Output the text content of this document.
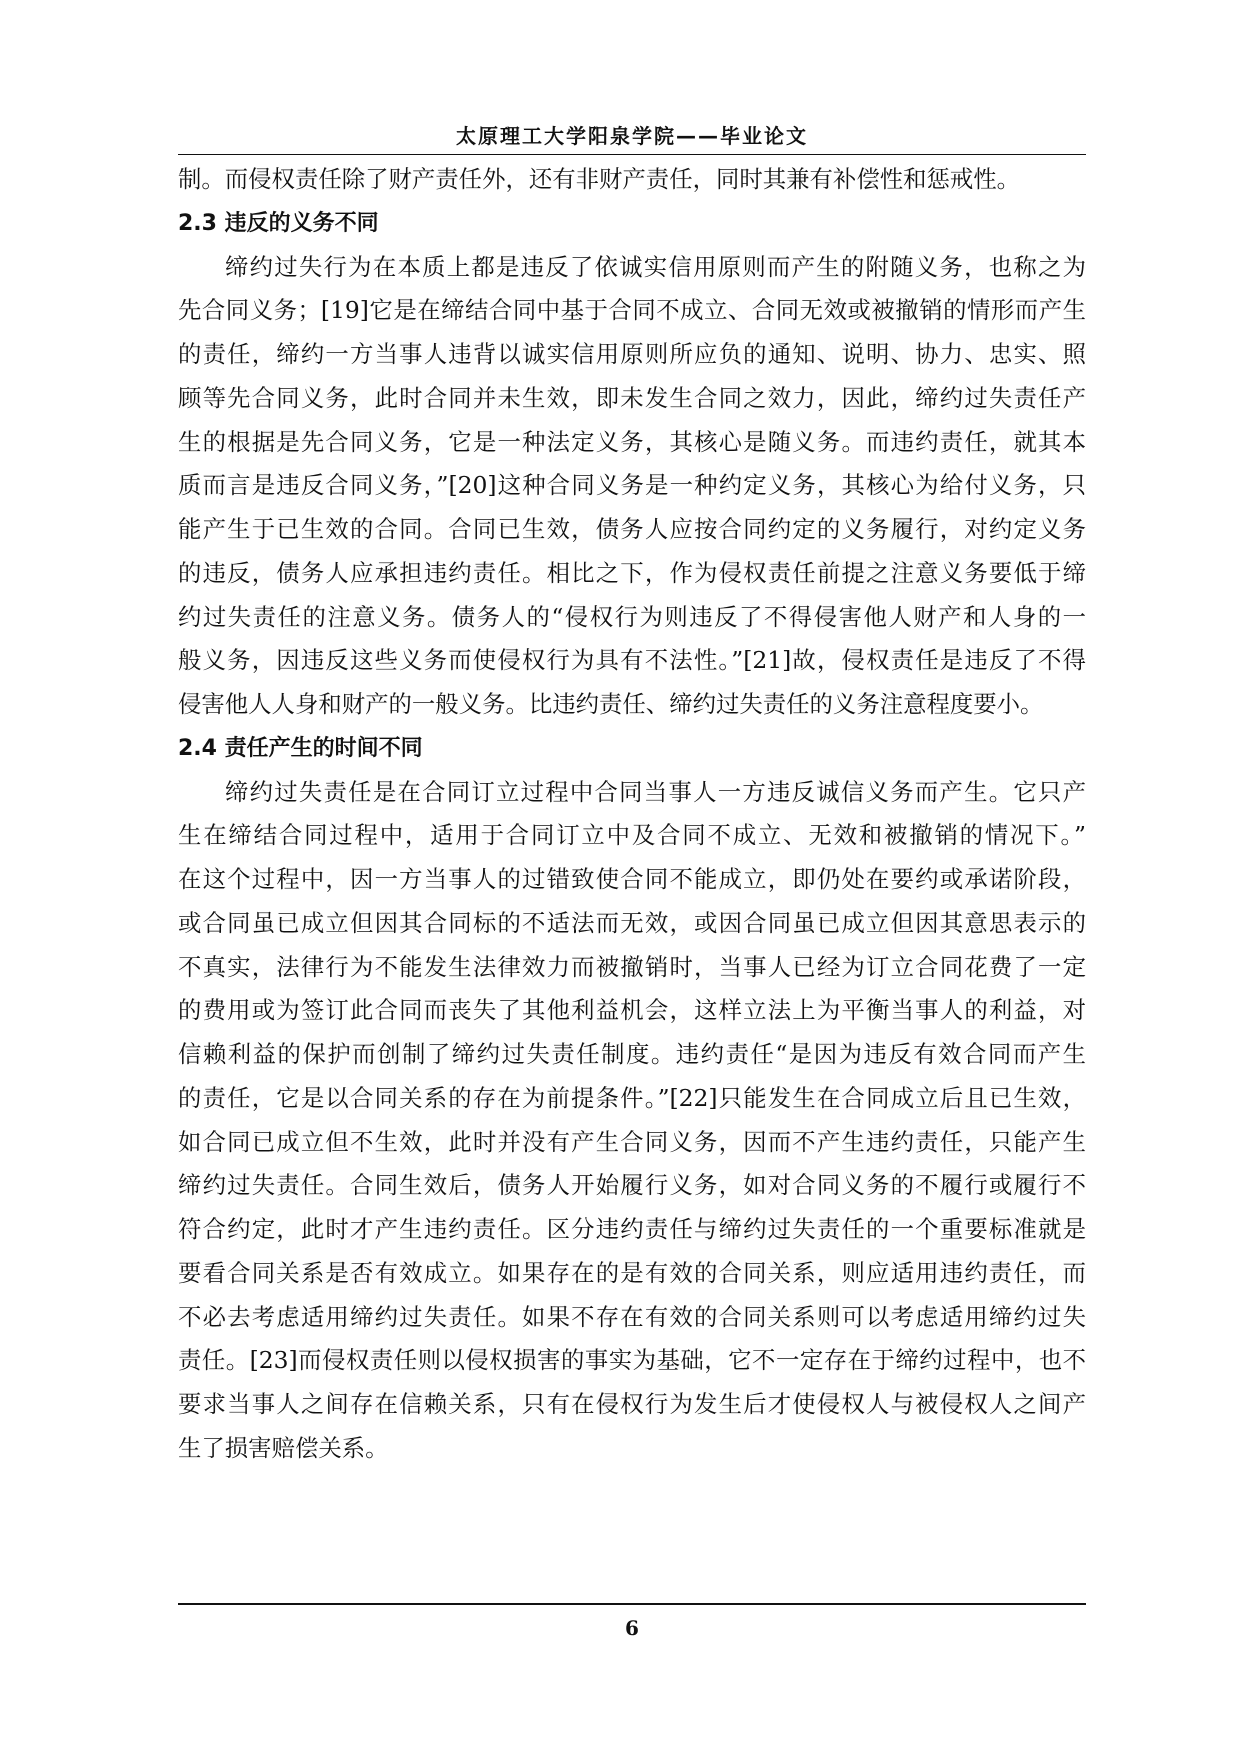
太原理工大学阳泉学院——毕业论文
制。而侵权责任除了财产责任外，还有非财产责任，同时其兼有补偿性和惩戒性。
2.3 违反的义务不同
缔约过失行为在本质上都是违反了依诚实信用原则而产生的附随义务，也称之为
先合同义务；[19]它是在缔结合同中基于合同不成立、合同无效或被撤销的情形而产生
的责任，缔约一方当事人违背以诚实信用原则所应负的通知、说明、协力、忠实、照
顾等先合同义务，此时合同并未生效，即未发生合同之效力，因此，缔约过失责任产
生的根据是先合同义务，它是一种法定义务，其核心是随义务。而违约责任，就其本
质而言是违反合同义务，”[20]这种合同义务是一种约定义务，其核心为给付义务，只
能产生于已生效的合同。合同已生效，债务人应按合同约定的义务履行，对约定义务
的违反，债务人应承担违约责任。相比之下，作为侵权责任前提之注意义务要低于缔
约过失责任的注意义务。债务人的“侵权行为则违反了不得侵害他人财产和人身的一
般义务，因违反这些义务而使侵权行为具有不法性。”[21]故，侵权责任是违反了不得
侵害他人人身和财产的一般义务。比违约责任、缔约过失责任的义务注意程度要小。
2.4 责任产生的时间不同
缔约过失责任是在合同订立过程中合同当事人一方违反诚信义务而产生。它只产
生在缔结合同过程中，适用于合同订立中及合同不成立、无效和被撤销的情况下。”
在这个过程中，因一方当事人的过错致使合同不能成立，即仍处在要约或承诺阶段，
或合同虽已成立但因其合同标的不适法而无效，或因合同虽已成立但因其意思表示的
不真实，法律行为不能发生法律效力而被撤销时，当事人已经为订立合同花费了一定
的费用或为签订此合同而丧失了其他利益机会，这样立法上为平衡当事人的利益，对
信赖利益的保护而创制了缔约过失责任制度。违约责任“是因为违反有效合同而产生
的责任，它是以合同关系的存在为前提条件。”[22]只能发生在合同成立后且已生效，
如合同已成立但不生效，此时并没有产生合同义务，因而不产生违约责任，只能产生
缔约过失责任。合同生效后，债务人开始履行义务，如对合同义务的不履行或履行不
符合约定，此时才产生违约责任。区分违约责任与缔约过失责任的一个重要标准就是
要看合同关系是否有效成立。如果存在的是有效的合同关系，则应适用违约责任，而
不必去考虑适用缔约过失责任。如果不存在有效的合同关系则可以考虑适用缔约过失
责任。[23]而侵权责任则以侵权损害的事实为基础，它不一定存在于缔约过程中，也不
要求当事人之间存在信赖关系，只有在侵权行为发生后才使侵权人与被侵权人之间产
生了损害赔偿关系。
6
